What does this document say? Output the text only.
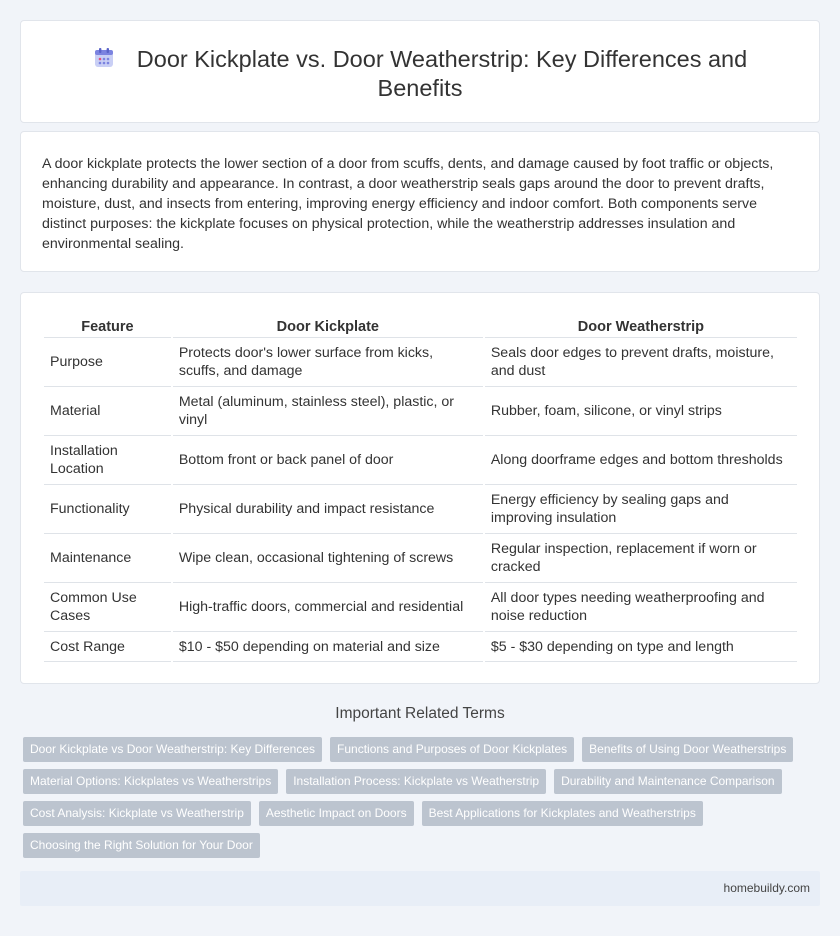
Door Kickplate vs. Door Weatherstrip: Key Differences and Benefits

A door kickplate protects the lower section of a door from scuffs, dents, and damage caused by foot traffic or objects, enhancing durability and appearance. In contrast, a door weatherstrip seals gaps around the door to prevent drafts, moisture, dust, and insects from entering, improving energy efficiency and indoor comfort. Both components serve distinct purposes: the kickplate focuses on physical protection, while the weatherstrip addresses insulation and environmental sealing.

Feature	Door Kickplate	Door Weatherstrip
Purpose	Protects door's lower surface from kicks, scuffs, and damage	Seals door edges to prevent drafts, moisture, and dust
Material	Metal (aluminum, stainless steel), plastic, or vinyl	Rubber, foam, silicone, or vinyl strips
Installation Location	Bottom front or back panel of door	Along doorframe edges and bottom thresholds
Functionality	Physical durability and impact resistance	Energy efficiency by sealing gaps and improving insulation
Maintenance	Wipe clean, occasional tightening of screws	Regular inspection, replacement if worn or cracked
Common Use Cases	High-traffic doors, commercial and residential	All door types needing weatherproofing and noise reduction
Cost Range	$10 - $50 depending on material and size	$5 - $30 depending on type and length
Important Related Terms
Door Kickplate vs Door Weatherstrip: Key Differences	Functions and Purposes of Door Kickplates	Benefits of Using Door Weatherstrips
Material Options: Kickplates vs Weatherstrips	Installation Process: Kickplate vs Weatherstrip	Durability and Maintenance Comparison
Cost Analysis: Kickplate vs Weatherstrip	Aesthetic Impact on Doors	Best Applications for Kickplates and Weatherstrips
Choosing the Right Solution for Your Door
homebuildy.com
